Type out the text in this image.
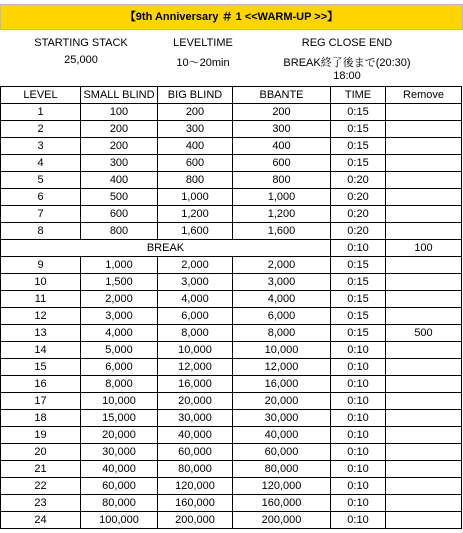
【9th Anniversary ＃ 1 <<WARM-UP >>】
STARTING STACK
25,000
LEVELTIME
10～20min
REG CLOSE END
BREAK終了後まで(20:30)
18:00
LEVEL	SMALL BLIND	BIG BLIND	BBANTE	TIME	Remove
1	100	200	200	0:15	
2	200	300	300	0:15	
3	200	400	400	0:15	
4	300	600	600	0:15	
5	400	800	800	0:20	
6	500	1,000	1,000	0:20	
7	600	1,200	1,200	0:20	
8	800	1,600	1,600	0:20	
BREAK				0:10	100
9	1,000	2,000	2,000	0:15	
10	1,500	3,000	3,000	0:15	
11	2,000	4,000	4,000	0:15	
12	3,000	6,000	6,000	0:15	
13	4,000	8,000	8,000	0:15	500
14	5,000	10,000	10,000	0:10	
15	6,000	12,000	12,000	0:10	
16	8,000	16,000	16,000	0:10	
17	10,000	20,000	20,000	0:10	
18	15,000	30,000	30,000	0:10	
19	20,000	40,000	40,000	0:10	
20	30,000	60,000	60,000	0:10	
21	40,000	80,000	80,000	0:10	
22	60,000	120,000	120,000	0:10	
23	80,000	160,000	160,000	0:10	
24	100,000	200,000	200,000	0:10	
